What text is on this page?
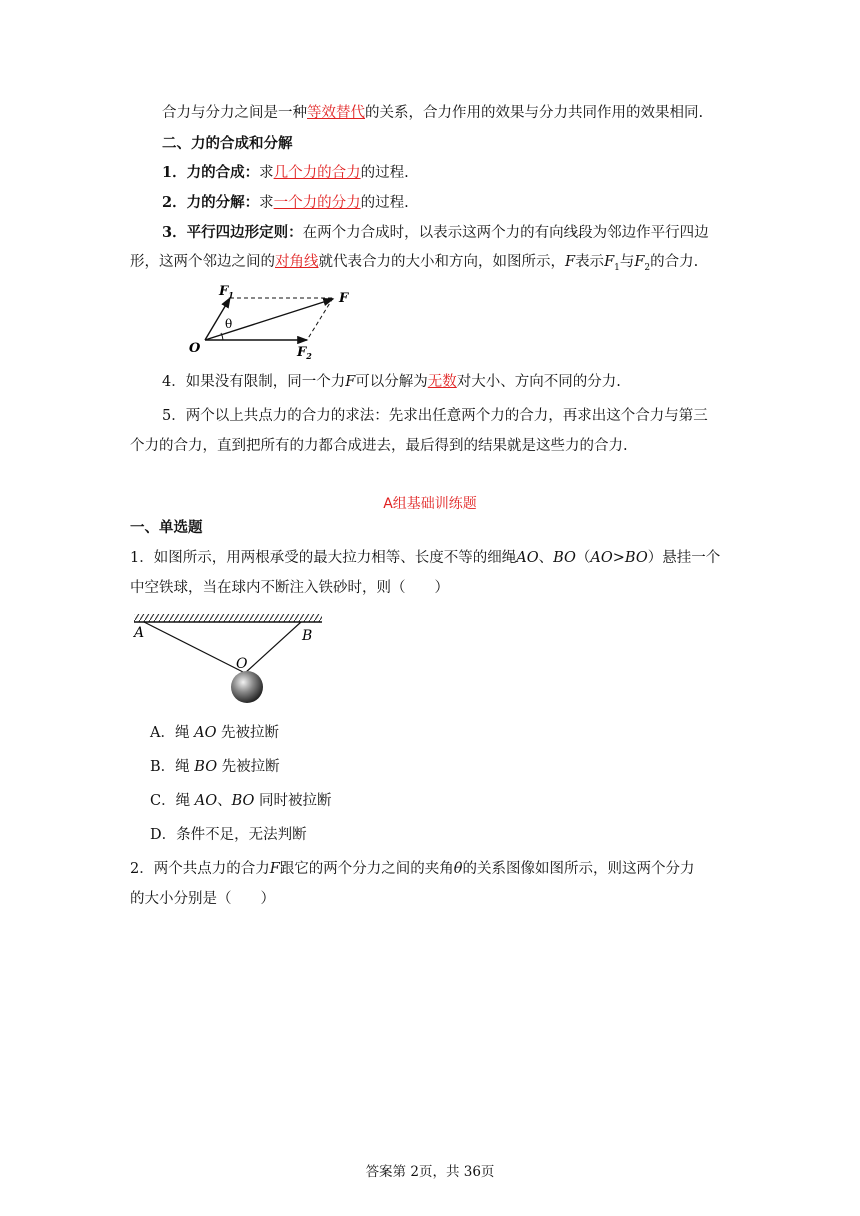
合力与分力之间是一种等效替代的关系，合力作用的效果与分力共同作用的效果相同.
二、力的合成和分解
1．力的合成：求几个力的合力的过程.
2．力的分解：求一个力的分力的过程.
3．平行四边形定则：在两个力合成时，以表示这两个力的有向线段为邻边作平行四边
形，这两个邻边之间的对角线就代表合力的大小和方向，如图所示，F表示$F_1$与$F_2$的合力.
$F_1$	F
O
θ
$F_2$
4．如果没有限制，同一个力F可以分解为无数对大小、方向不同的分力.
5．两个以上共点力的合力的求法：先求出任意两个力的合力，再求出这个合力与第三
个力的合力，直到把所有的力都合成进去，最后得到的结果就是这些力的合力.
A组基础训练题
一、单选题
1．如图所示，用两根承受的最大拉力相等、长度不等的细绳AO、BO（AO>BO）悬挂一个
中空铁球，当在球内不断注入铁砂时，则（　　）
A	B
O
A．绳 AO 先被拉断
B．绳 BO 先被拉断
C．绳 AO、BO 同时被拉断
D．条件不足，无法判断
2．两个共点力的合力F跟它的两个分力之间的夹角θ的关系图像如图所示，则这两个分力
的大小分别是（　　）
答案第 2页，共 36页
